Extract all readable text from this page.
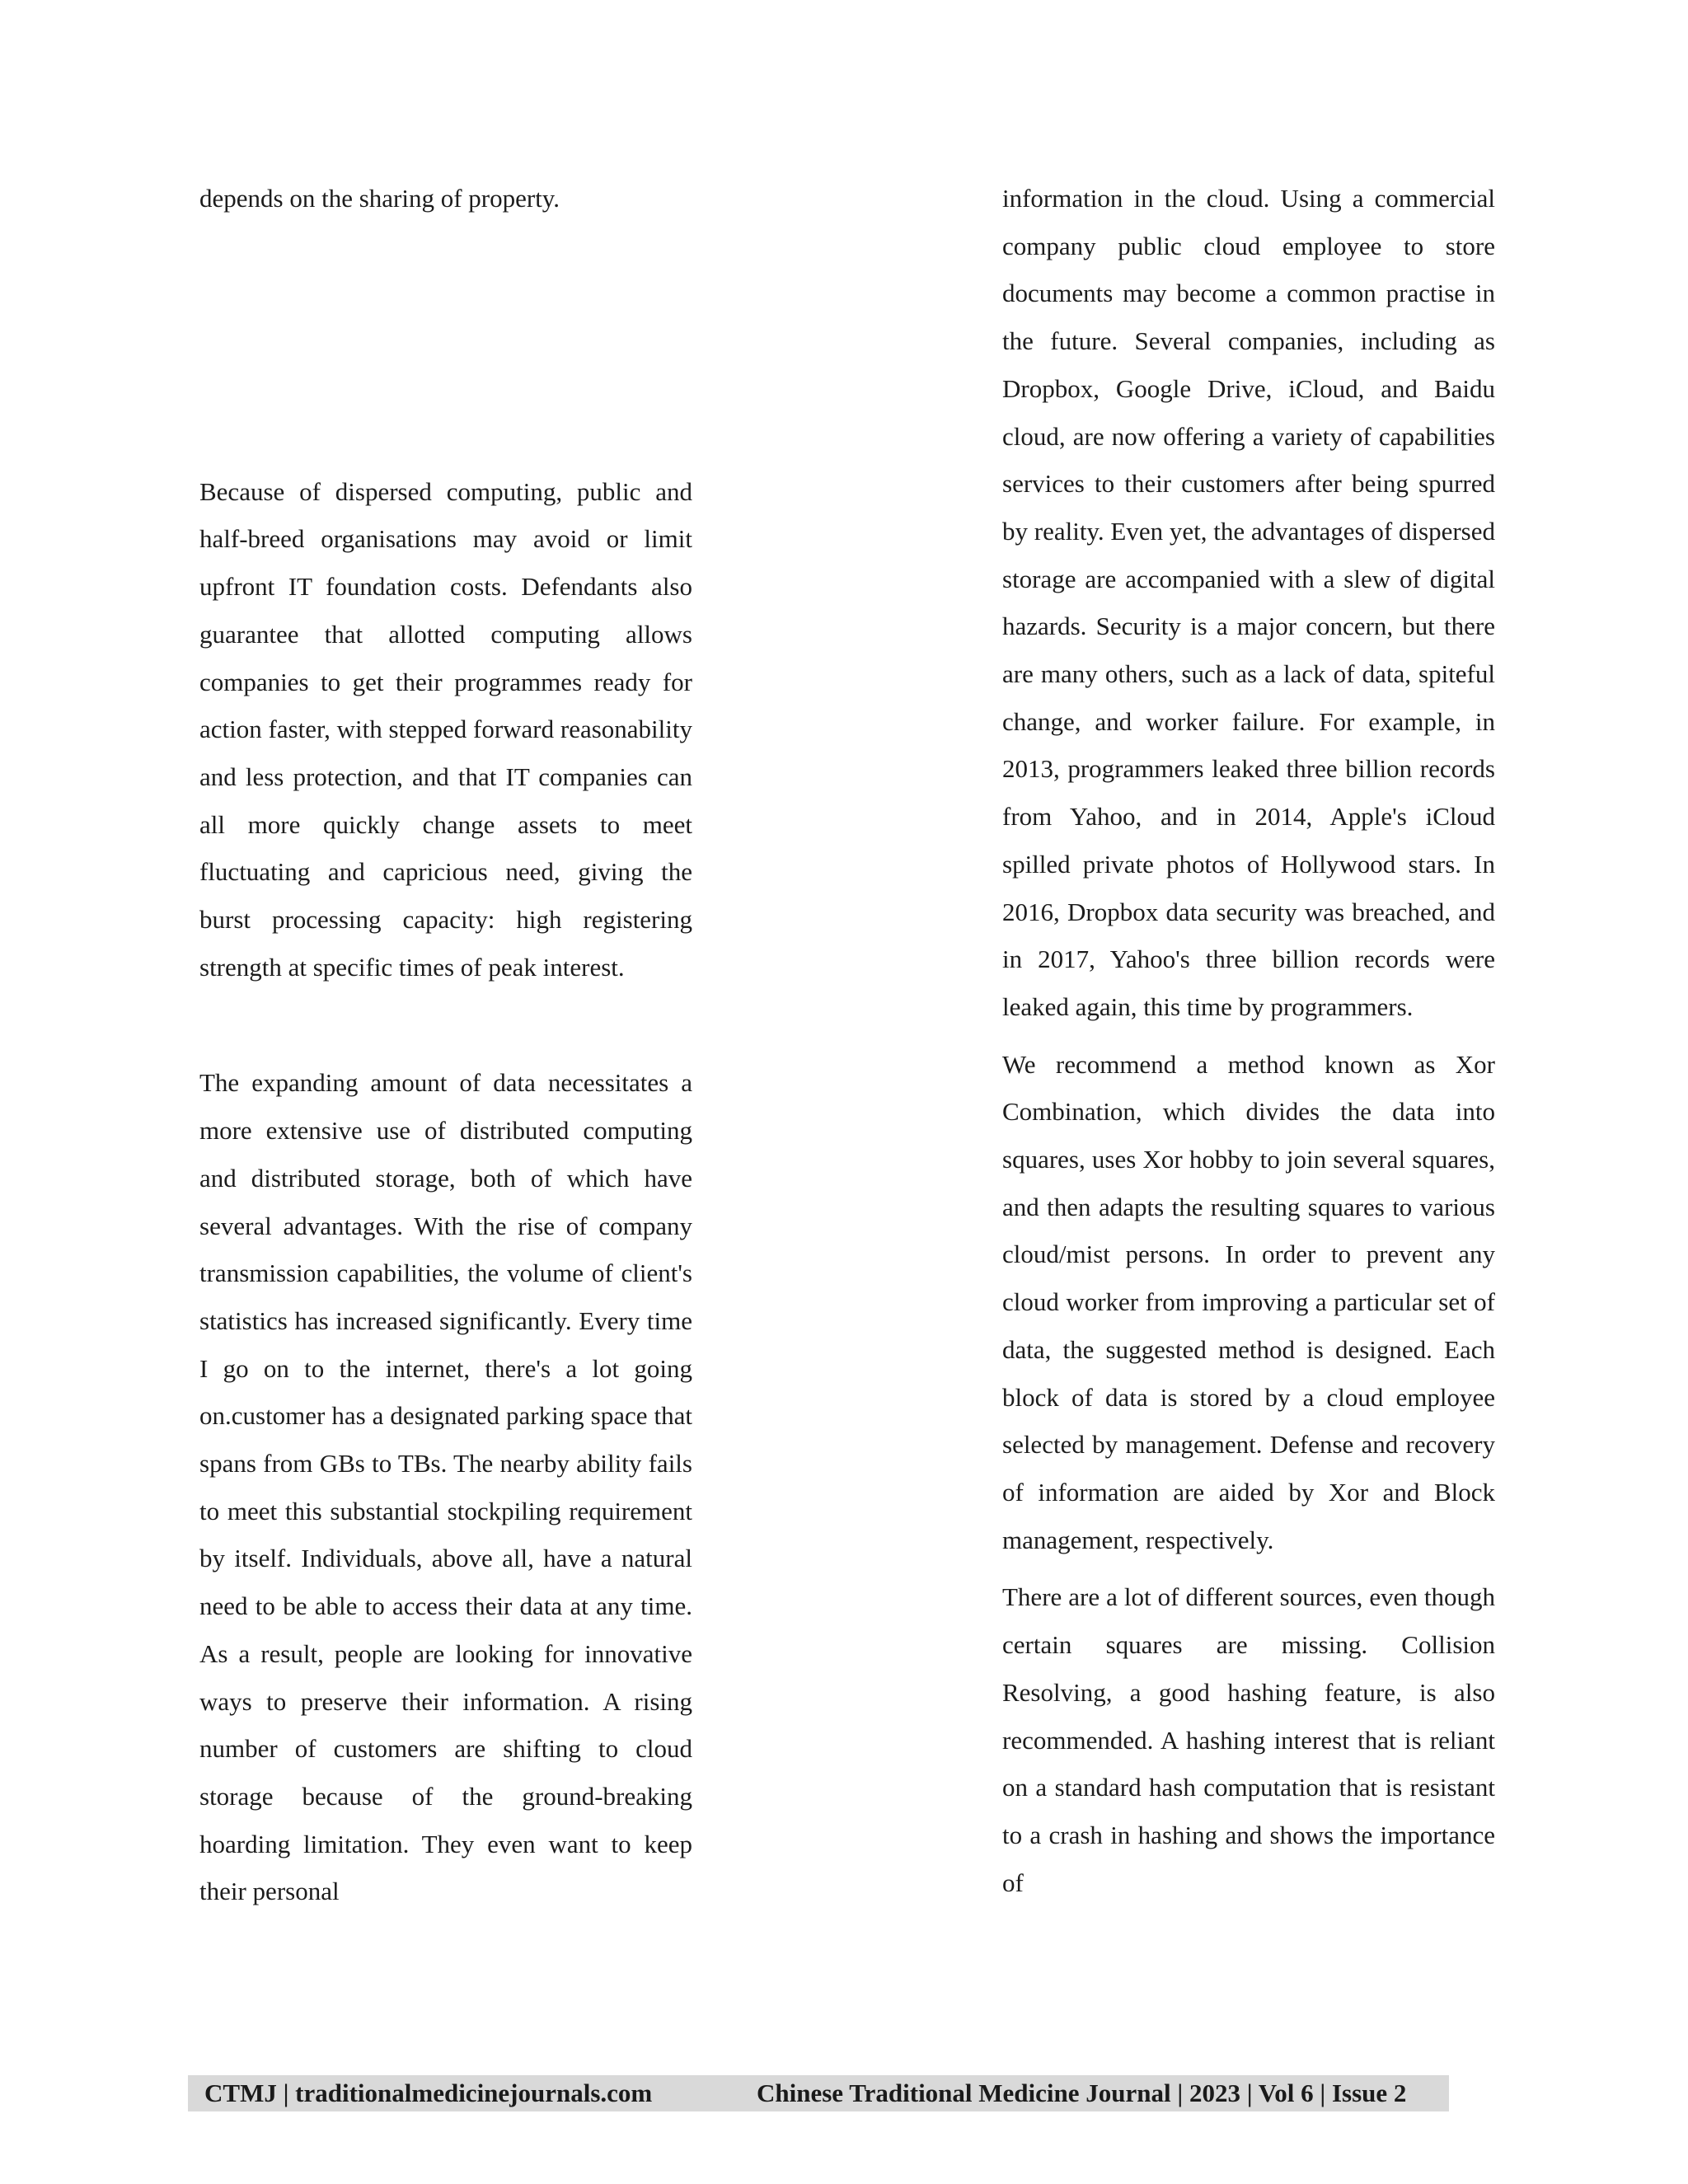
depends on the sharing of property.

Because of dispersed computing, public and half-breed organisations may avoid or limit upfront IT foundation costs. Defendants also guarantee that allotted computing allows companies to get their programmes ready for action faster, with stepped forward reasonability and less protection, and that IT companies can all more quickly change assets to meet fluctuating and capricious need, giving the burst processing capacity: high registering strength at specific times of peak interest.

The expanding amount of data necessitates a more extensive use of distributed computing and distributed storage, both of which have several advantages. With the rise of company transmission capabilities, the volume of client's statistics has increased significantly. Every time I go on to the internet, there's a lot going on.customer has a designated parking space that spans from GBs to TBs. The nearby ability fails to meet this substantial stockpiling requirement by itself. Individuals, above all, have a natural need to be able to access their data at any time. As a result, people are looking for innovative ways to preserve their information. A rising number of customers are shifting to cloud storage because of the ground-breaking hoarding limitation. They even want to keep their personal

information in the cloud. Using a commercial company public cloud employee to store documents may become a common practise in the future. Several companies, including as Dropbox, Google Drive, iCloud, and Baidu cloud, are now offering a variety of capabilities services to their customers after being spurred by reality. Even yet, the advantages of dispersed storage are accompanied with a slew of digital hazards. Security is a major concern, but there are many others, such as a lack of data, spiteful change, and worker failure. For example, in 2013, programmers leaked three billion records from Yahoo, and in 2014, Apple's iCloud spilled private photos of Hollywood stars. In 2016, Dropbox data security was breached, and in 2017, Yahoo's three billion records were leaked again, this time by programmers.

We recommend a method known as Xor Combination, which divides the data into squares, uses Xor hobby to join several squares, and then adapts the resulting squares to various cloud/mist persons. In order to prevent any cloud worker from improving a particular set of data, the suggested method is designed. Each block of data is stored by a cloud employee selected by management. Defense and recovery of information are aided by Xor and Block management, respectively.

There are a lot of different sources, even though certain squares are missing. Collision Resolving, a good hashing feature, is also recommended. A hashing interest that is reliant on a standard hash computation that is resistant to a crash in hashing and shows the importance of

CTMJ | traditionalmedicinejournals.com	Chinese Traditional Medicine Journal | 2023 | Vol 6 | Issue 2
